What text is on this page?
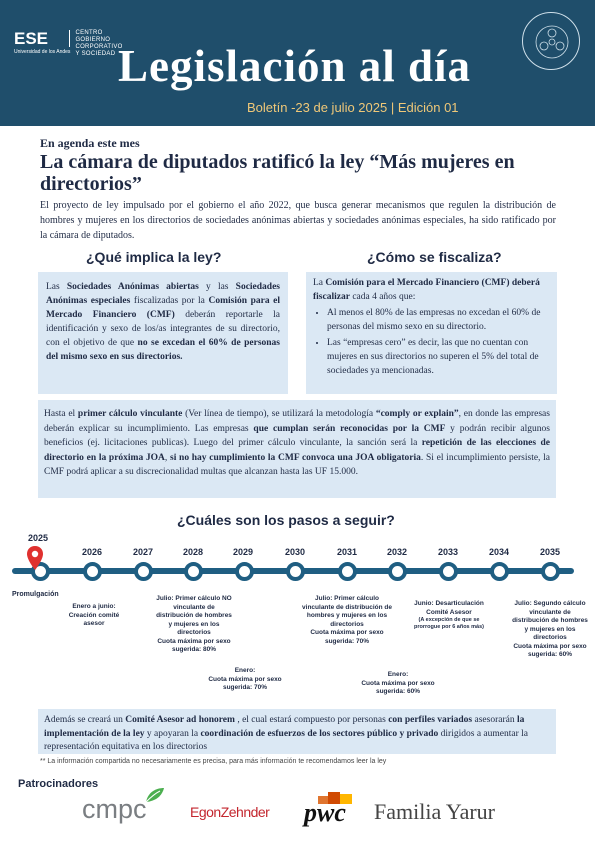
ESE
Universidad de los Andes
CENTRO
GOBIERNO
CORPORATIVO
Y SOCIEDAD Legislación al día
Boletín -23 de julio 2025 | Edición 01
En agenda este mes
La cámara de diputados ratificó la ley “Más mujeres en directorios”

El proyecto de ley impulsado por el gobierno el año 2022, que busca generar mecanismos que regulen la distribución de hombres y mujeres en los directorios de sociedades anónimas abiertas y sociedades anónimas especiales, ha sido ratificado por la cámara de diputados.

¿Qué implica la ley?

Las Sociedades Anónimas abiertas y las Sociedades Anónimas especiales fiscalizadas por la Comisión para el Mercado Financiero (CMF) deberán reportarle la identificación y sexo de los/as integrantes de su directorio, con el objetivo de que no se excedan el 60% de personas del mismo sexo en sus directorios.

¿Cómo se fiscaliza?

La Comisión para el Mercado Financiero (CMF) deberá fiscalizar cada 4 años que:

• Al menos el 80% de las empresas no excedan el 60% de personas del mismo sexo en su directorio.
• Las “empresas cero” es decir, las que no cuentan con mujeres en sus directorios no superen el 5% del total de sociedades ya mencionadas.

Hasta el primer cálculo vinculante (Ver línea de tiempo), se utilizará la metodología “comply or explain”, en donde las empresas deberán explicar su incumplimiento. Las empresas que cumplan serán reconocidas por la CMF y podrán recibir algunos beneficios (ej. licitaciones publicas). Luego del primer cálculo vinculante, la sanción será la repetición de las elecciones de directorio en la próxima JOA, si no hay cumplimiento la CMF convoca una JOA obligatoria. Si el incumplimiento persiste, la CMF podrá aplicar a su discrecionalidad multas que alcanzan hasta las UF 15.000.

¿Cuáles son los pasos a seguir?
2025
2026	2027	2028	2029	2030	2031	2032	2033	2034	2035
Promulgación
Enero a junio: Creación comité asesor
Julio: Primer cálculo NO vinculante de distribución de hombres y mujeres en los directorios
Cuota máxima por sexo sugerida: 80%
Enero:
Cuota máxima por sexo sugerida: 70%
Julio: Primer cálculo vinculante de distribución de hombres y mujeres en los directorios
Cuota máxima por sexo sugerida: 70%
Enero:
Cuota máxima por sexo sugerida: 60%
Junio: Desarticulación Comité Asesor
(A excepción de que se prorrogue por 6 años más)
Julio: Segundo cálculo vinculante de distribución de hombres y mujeres en los directorios
Cuota máxima por sexo sugerida: 60%

Además se creará un Comité Asesor ad honorem , el cual estará compuesto por personas con perfiles variados asesorarán la implementación de la ley y apoyaran la coordinación de esfuerzos de los sectores público y privado dirigidos a aumentar la representación equitativa en los directorios

** La información compartida no necesariamente es precisa, para más información te recomendamos leer la ley
Patrocinadores
cmpc	EgonZehnder pwc Familia Yarur
